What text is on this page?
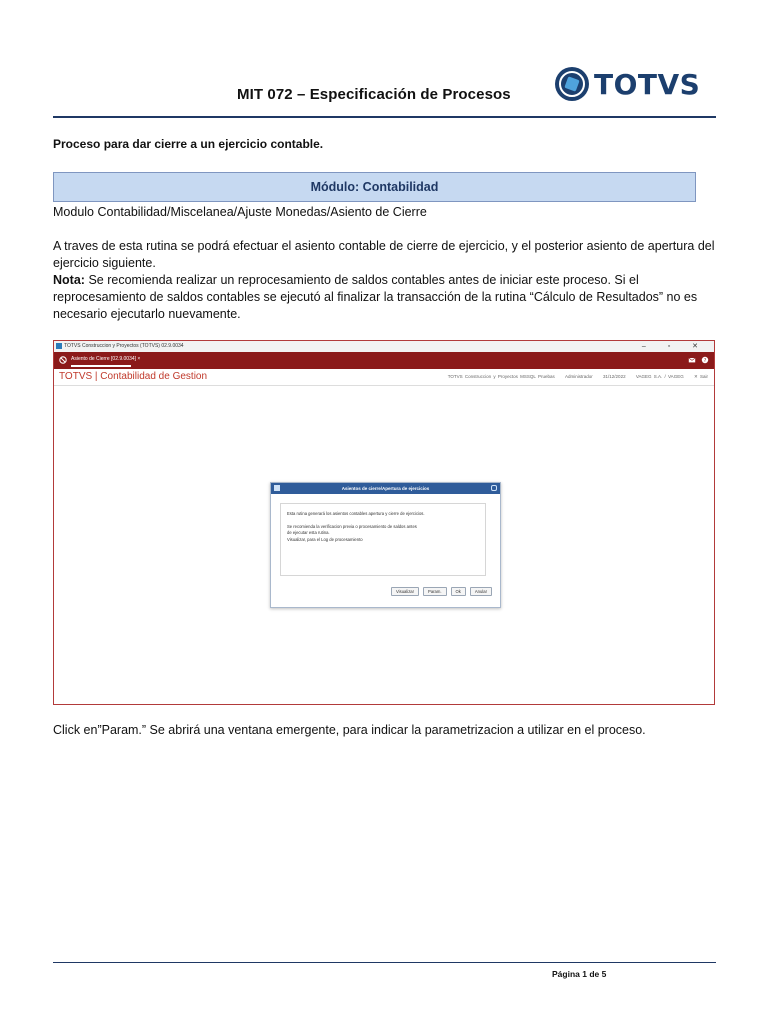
MIT 072 – Especificación de Procesos	TOTVS
Proceso para dar cierre a un ejercicio contable.
Módulo: Contabilidad
Modulo Contabilidad/Miscelanea/Ajuste Monedas/Asiento de Cierre
A traves de esta rutina se podrá efectuar el asiento contable de cierre de ejercicio, y el posterior asiento de apertura del ejercicio siguiente.
Nota: Se recomienda realizar un reprocesamiento de saldos contables antes de iniciar este proceso. Si el reprocesamiento de saldos contables se ejecutó al finalizar la transacción de la rutina “Cálculo de Resultados” no es necesario ejecutarlo nuevamente.
TOTVS Construccion y Proyectos (TOTVS) 02.9.0034	– ▫ ✕
Asiento de Cierre [02.9.0034] ×	?
TOTVS | Contabilidad de Gestion	TOTVS Construccion y Proyectos MSSQL Pruebas Administrador 31/12/2022 VAGEG S.A. / VAGEG ✕ Sair
Asientos de cierre/Apertura de ejercicios
Esta rutina generará los asientos contables apertura y cierre de ejercicios.
Se recomienda la verificacion previa o procesamiento de saldos antes
de ejecutar esta rutina.
Visualizar, para el Log de procesamiento
Visualizar	Param.	Ok	Anular
Click en”Param.” Se abrirá una ventana emergente, para indicar la parametrizacion a utilizar en el proceso.
Página 1 de 5
